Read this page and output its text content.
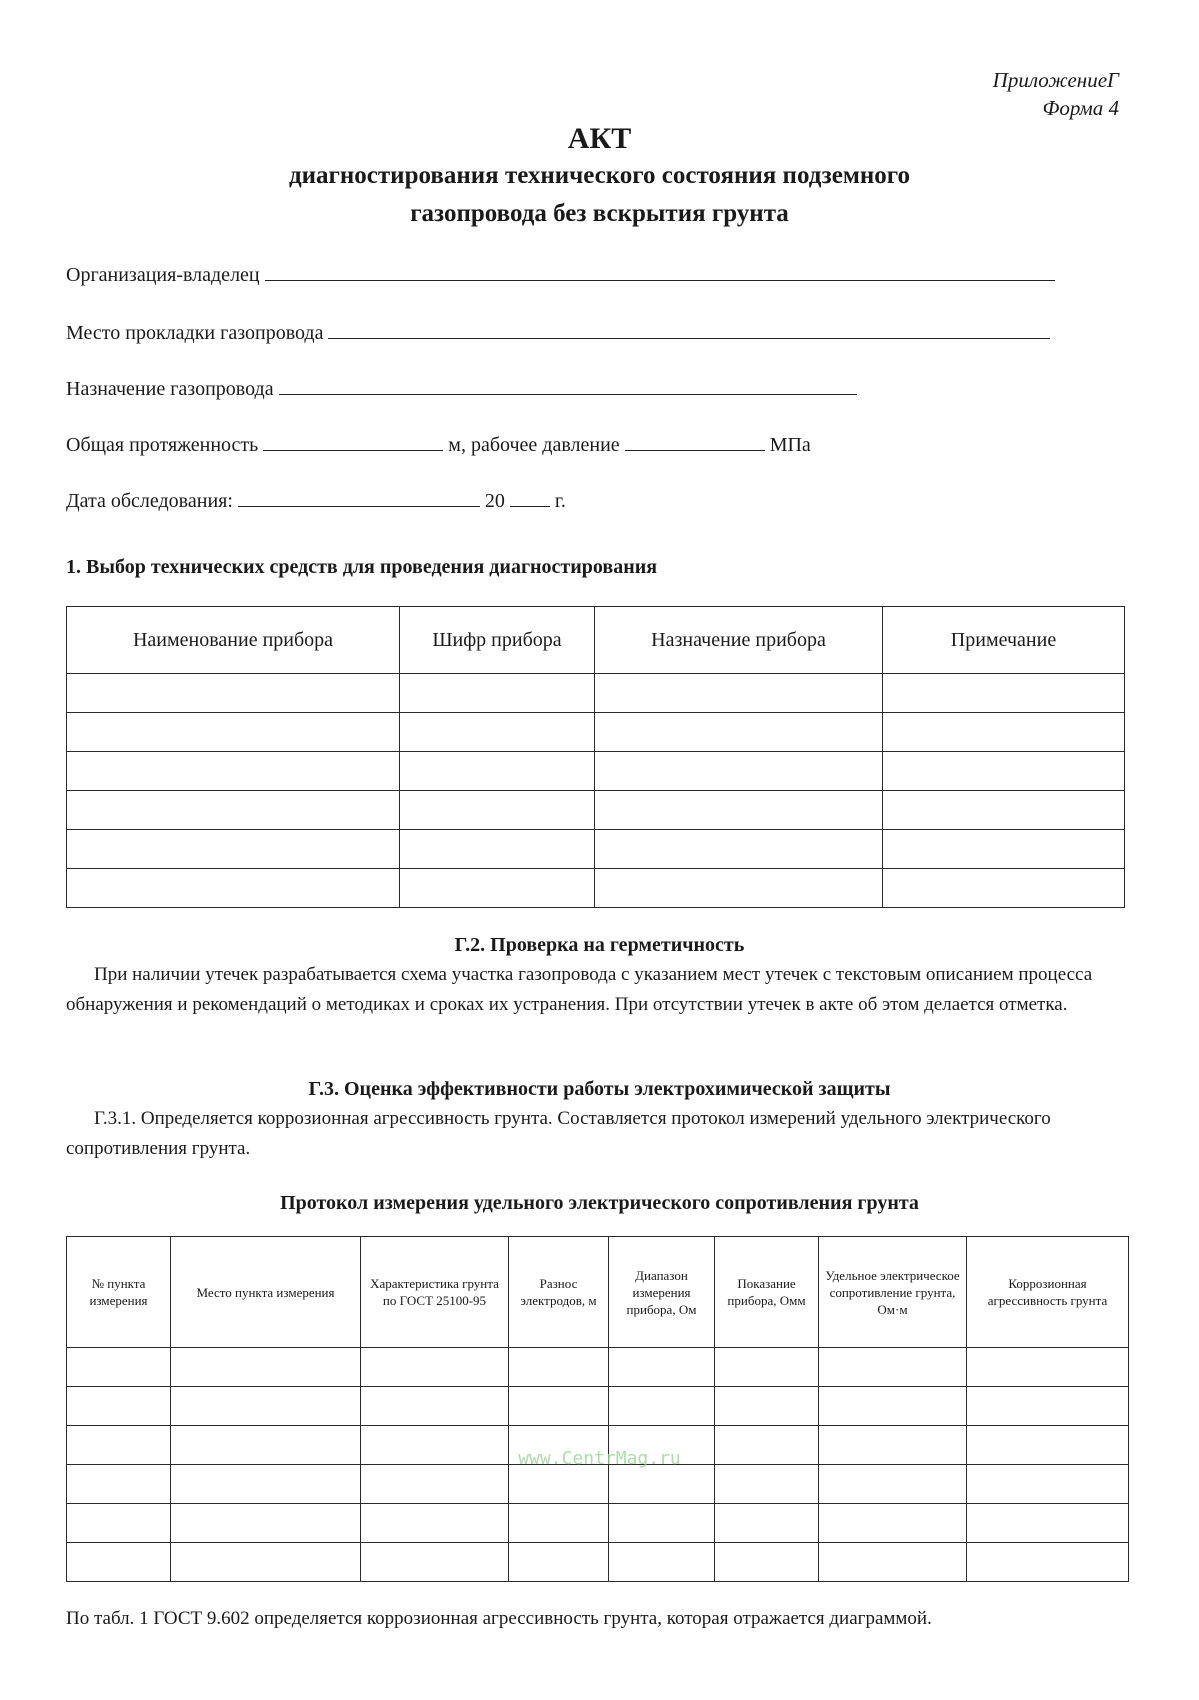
ПриложениеГ
Форма 4
АКТ
диагностирования технического состояния подземного
газопровода без вскрытия грунта
Организация-владелец
Место прокладки газопровода
Назначение газопровода
Общая протяженность	м, рабочее давление	МПа
Дата обследования:	20	г.
1. Выбор технических средств для проведения диагностирования
Наименование прибора	Шифр прибора	Назначение прибора	Примечание

Г.2. Проверка на герметичность
При наличии утечек разрабатывается схема участка газопровода с указанием мест утечек с текстовым описанием процесса обнаружения и рекомендаций о методиках и сроках их устранения. При отсутствии утечек в акте об этом делается отметка.
Г.3. Оценка эффективности работы электрохимической защиты
Г.3.1. Определяется коррозионная агрессивность грунта. Составляется протокол измерений удельного электрического сопротивления грунта.
Протокол измерения удельного электрического сопротивления грунта
№ пункта измерения	Место пункта измерения	Характеристика грунта по ГОСТ 25100-95	Разнос электродов, м	Диапазон измерения прибора, Ом	Показание прибора, Омм	Удельное электрическое сопротивление грунта, Ом·м	Коррозионная агрессивность грунта

www.CentrMag.ru
По табл. 1 ГОСТ 9.602 определяется коррозионная агрессивность грунта, которая отражается диаграммой.
